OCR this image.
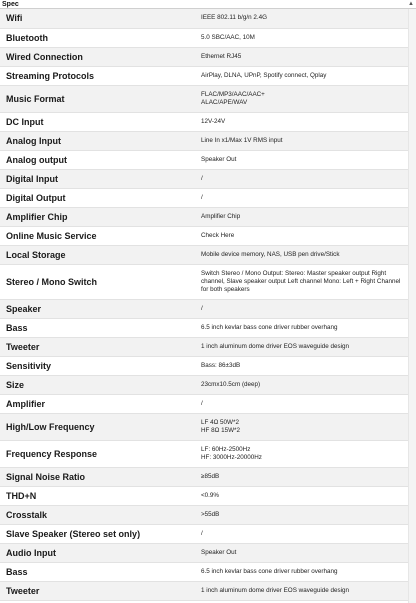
Spec	▲
Wifi	IEEE 802.11 b/g/n 2.4G

Bluetooth	5.0 SBC/AAC, 10M

Wired Connection	Ethernet RJ45

Streaming Protocols	AirPlay, DLNA, UPnP, Spotify connect, Qplay

Music Format	FLAC/MP3/AAC/AAC+
ALAC/APE/WAV

DC Input	12V-24V

Analog Input	Line In x1/Max 1V RMS input

Analog output	Speaker Out

Digital Input	/

Digital Output	/

Amplifier Chip	Amplifier Chip

Online Music Service	Check Here

Local Storage	Mobile device memory, NAS, USB pen drive/Stick

Stereo / Mono Switch	Switch Stereo / Mono Output: Stereo: Master speaker output Right channel, Slave speaker output Left channel Mono: Left + Right Channel for both speakers

Speaker	/

Bass	6.5 inch kevlar bass cone driver rubber overhang

Tweeter	1 inch aluminum dome driver EOS waveguide design

Sensitivity	Bass: 86±3dB

Size	23cmx10.5cm (deep)

Amplifier	/

High/Low Frequency	LF 4Ω 50W*2
HF 8Ω 15W*2

Frequency Response	LF: 60Hz-2500Hz
HF: 3000Hz-20000Hz

Signal Noise Ratio	≥85dB

THD+N	<0.9%

Crosstalk	>55dB

Slave Speaker (Stereo set only)	/

Audio Input	Speaker Out

Bass	6.5 inch kevlar bass cone driver rubber overhang

Tweeter	1 inch aluminum dome driver EOS waveguide design
